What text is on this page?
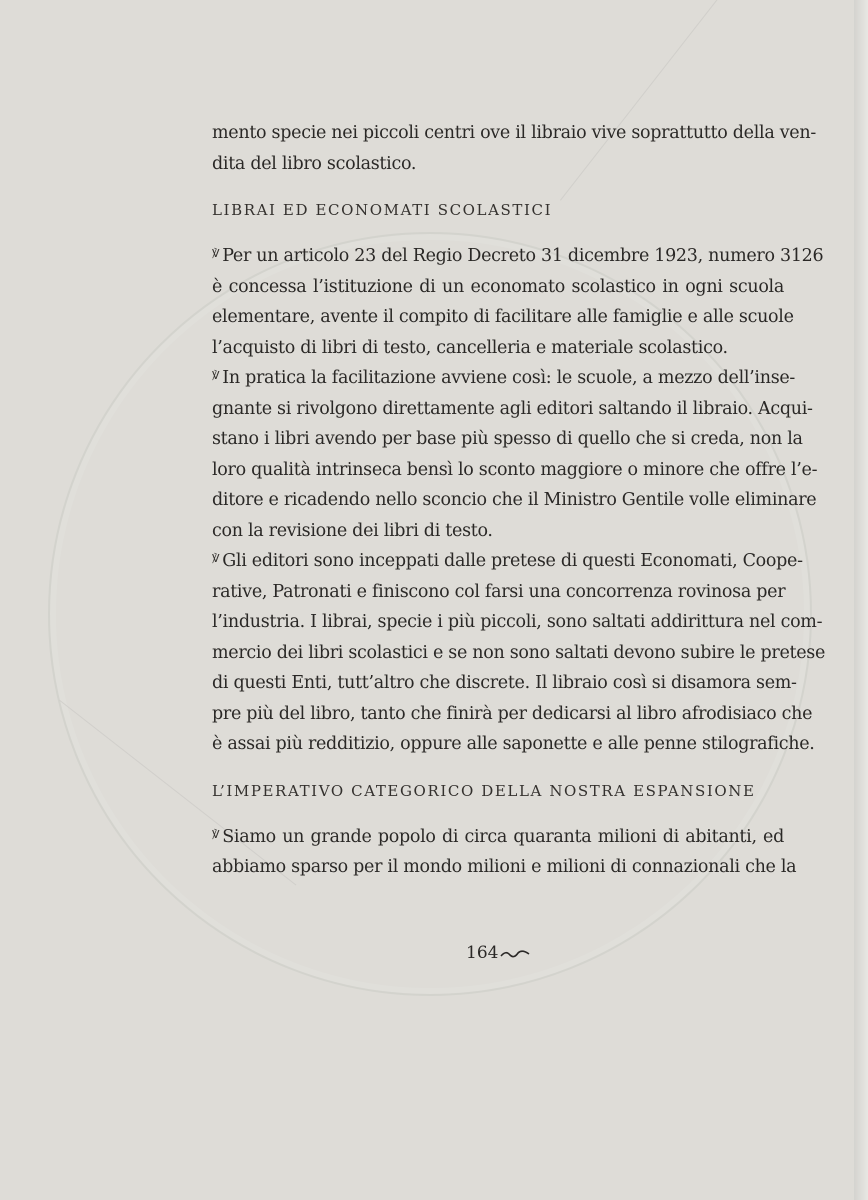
mento specie nei piccoli centri ove il libraio vive soprattutto della ven-
dita del libro scolastico.
LIBRAI ED ECONOMATI SCOLASTICI
℣ Per un articolo 23 del Regio Decreto 31 dicembre 1923, numero 3126
è concessa l’istituzione di un economato scolastico in ogni scuola
elementare, avente il compito di facilitare alle famiglie e alle scuole
l’acquisto di libri di testo, cancelleria e materiale scolastico.
℣ In pratica la facilitazione avviene così: le scuole, a mezzo dell’inse-
gnante si rivolgono direttamente agli editori saltando il libraio. Acqui-
stano i libri avendo per base più spesso di quello che si creda, non la
loro qualità intrinseca bensì lo sconto maggiore o minore che offre l’e-
ditore e ricadendo nello sconcio che il Ministro Gentile volle eliminare
con la revisione dei libri di testo.
℣ Gli editori sono inceppati dalle pretese di questi Economati, Coope-
rative, Patronati e finiscono col farsi una concorrenza rovinosa per
l’industria. I librai, specie i più piccoli, sono saltati addirittura nel com-
mercio dei libri scolastici e se non sono saltati devono subire le pretese
di questi Enti, tutt’altro che discrete. Il libraio così si disamora sem-
pre più del libro, tanto che finirà per dedicarsi al libro afrodisiaco che
è assai più redditizio, oppure alle saponette e alle penne stilografiche.
L’IMPERATIVO CATEGORICO DELLA NOSTRA ESPANSIONE
℣ Siamo un grande popolo di circa quaranta milioni di abitanti, ed
abbiamo sparso per il mondo milioni e milioni di connazionali che la
164
